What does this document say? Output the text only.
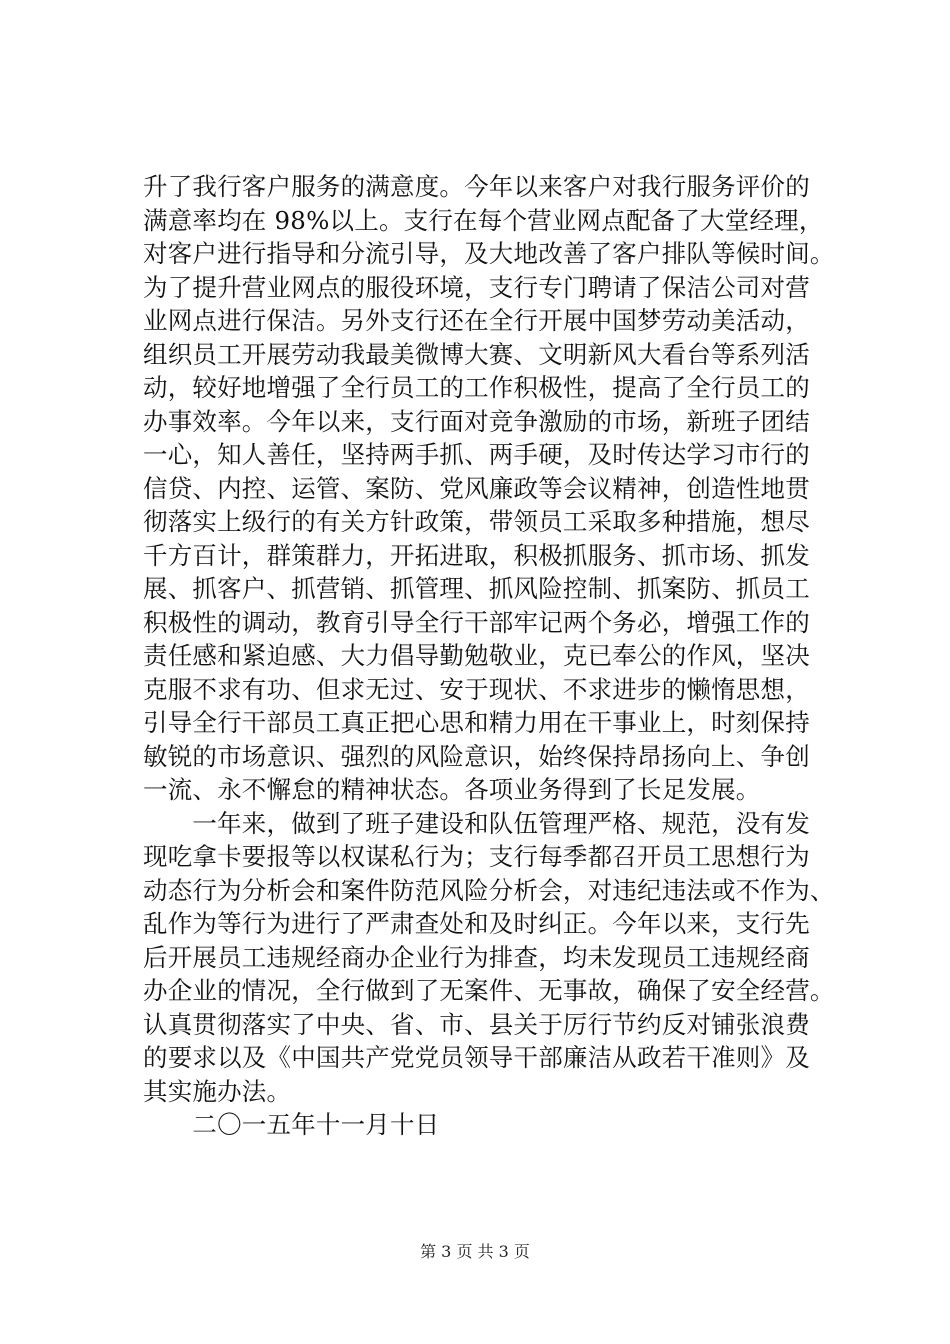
升了我行客户服务的满意度。今年以来客户对我行服务评价的
满意率均在 98%以上。支行在每个营业网点配备了大堂经理，
对客户进行指导和分流引导，及大地改善了客户排队等候时间。
为了提升营业网点的服役环境，支行专门聘请了保洁公司对营
业网点进行保洁。另外支行还在全行开展中国梦劳动美活动，
组织员工开展劳动我最美微博大赛、文明新风大看台等系列活
动，较好地增强了全行员工的工作积极性，提高了全行员工的
办事效率。今年以来，支行面对竞争激励的市场，新班子团结
一心，知人善任，坚持两手抓、两手硬，及时传达学习市行的
信贷、内控、运管、案防、党风廉政等会议精神，创造性地贯
彻落实上级行的有关方针政策，带领员工采取多种措施，想尽
千方百计，群策群力，开拓进取，积极抓服务、抓市场、抓发
展、抓客户、抓营销、抓管理、抓风险控制、抓案防、抓员工
积极性的调动，教育引导全行干部牢记两个务必，增强工作的
责任感和紧迫感、大力倡导勤勉敬业，克已奉公的作风，坚决
克服不求有功、但求无过、安于现状、不求进步的懒惰思想，
引导全行干部员工真正把心思和精力用在干事业上，时刻保持
敏锐的市场意识、强烈的风险意识，始终保持昂扬向上、争创
一流、永不懈怠的精神状态。各项业务得到了长足发展。
　　一年来，做到了班子建设和队伍管理严格、规范，没有发
现吃拿卡要报等以权谋私行为；支行每季都召开员工思想行为
动态行为分析会和案件防范风险分析会，对违纪违法或不作为、
乱作为等行为进行了严肃查处和及时纠正。今年以来，支行先
后开展员工违规经商办企业行为排查，均未发现员工违规经商
办企业的情况，全行做到了无案件、无事故，确保了安全经营。
认真贯彻落实了中央、省、市、县关于厉行节约反对铺张浪费
的要求以及《中国共产党党员领导干部廉洁从政若干准则》及
其实施办法。
　　二〇一五年十一月十日
第 3 页 共 3 页
